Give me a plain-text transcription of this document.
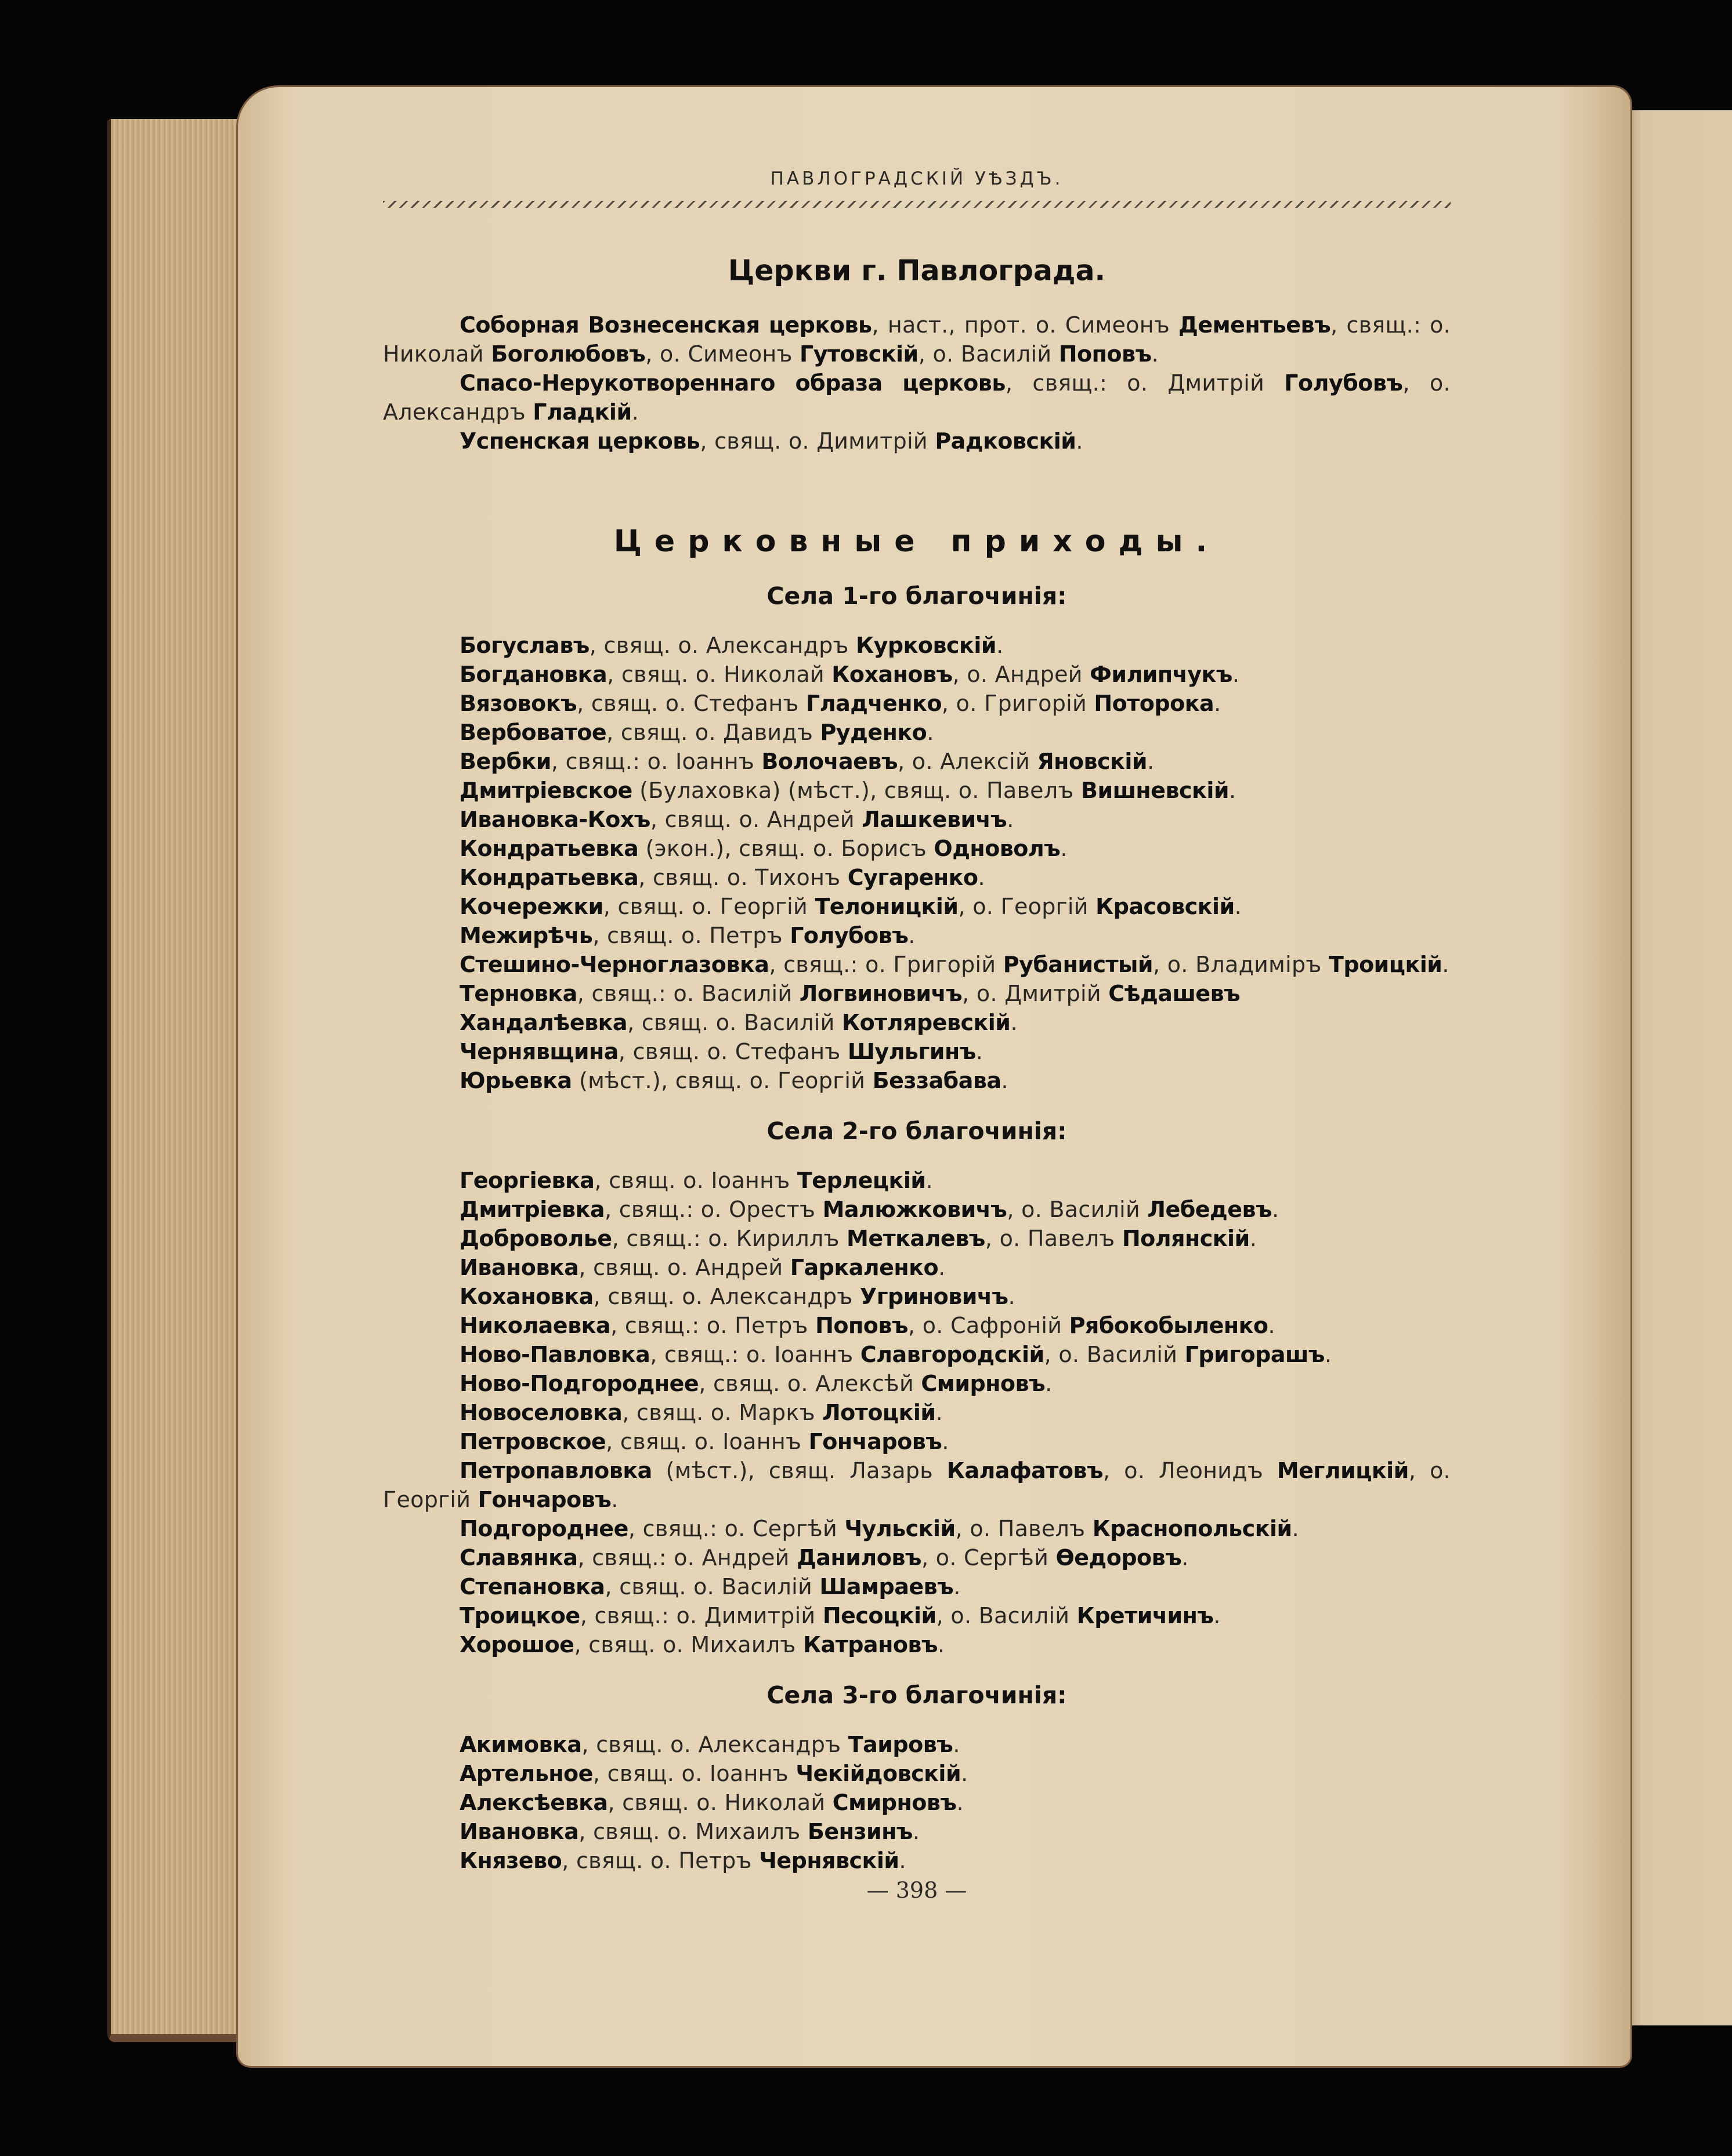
ПАВЛОГРАДСКІЙ УѢЗДЪ.

Церкви г. Павлограда.

Соборная Вознесенская церковь, наст., прот. о. Симеонъ Дементьевъ, свящ.: о. Николай Боголюбовъ, о. Симеонъ Гутовскій, о. Василій Поповъ.

Спасо-Нерукотвореннаго образа церковь, свящ.: о. Дмитрій Голубовъ, о. Александръ Гладкій.

Успенская церковь, свящ. о. Димитрій Радковскій.

Церковные приходы.
Села 1-го благочинія:

Богуславъ, свящ. о. Александръ Курковскій.

Богдановка, свящ. о. Николай Кохановъ, о. Андрей Филипчукъ.

Вязовокъ, свящ. о. Стефанъ Гладченко, о. Григорій Поторока.

Вербоватое, свящ. о. Давидъ Руденко.

Вербки, свящ.: о. Іоаннъ Волочаевъ, о. Алексій Яновскій.

Дмитріевское (Булаховка) (мѣст.), свящ. о. Павелъ Вишневскій.

Ивановка-Кохъ, свящ. о. Андрей Лашкевичъ.

Кондратьевка (экон.), свящ. о. Борисъ Одноволъ.

Кондратьевка, свящ. о. Тихонъ Сугаренко.

Кочережки, свящ. о. Георгій Телоницкій, о. Георгій Красовскій.

Межирѣчь, свящ. о. Петръ Голубовъ.

Стешино-Черноглазовка, свящ.: о. Григорій Рубанистый, о. Владиміръ Троицкій.

Терновка, свящ.: о. Василій Логвиновичъ, о. Дмитрій Сѣдашевъ

Хандалѣевка, свящ. о. Василій Котляревскій.

Чернявщина, свящ. о. Стефанъ Шульгинъ.

Юрьевка (мѣст.), свящ. о. Георгій Беззабава.

Села 2-го благочинія:

Георгіевка, свящ. о. Іоаннъ Терлецкій.

Дмитріевка, свящ.: о. Орестъ Малюжковичъ, о. Василій Лебедевъ.

Доброволье, свящ.: о. Кириллъ Меткалевъ, о. Павелъ Полянскій.

Ивановка, свящ. о. Андрей Гаркаленко.

Кохановка, свящ. о. Александръ Угриновичъ.

Николаевка, свящ.: о. Петръ Поповъ, о. Сафроній Рябокобыленко.

Ново-Павловка, свящ.: о. Іоаннъ Славгородскій, о. Василій Григорашъ.

Ново-Подгороднее, свящ. о. Алексѣй Смирновъ.

Новоселовка, свящ. о. Маркъ Лотоцкій.

Петровское, свящ. о. Іоаннъ Гончаровъ.

Петропавловка (мѣст.), свящ. Лазарь Калафатовъ, о. Леонидъ Меглицкій, о. Георгій Гончаровъ.

Подгороднее, свящ.: о. Сергѣй Чульскій, о. Павелъ Краснопольскій.

Славянка, свящ.: о. Андрей Даниловъ, о. Сергѣй Ѳедоровъ.

Степановка, свящ. о. Василій Шамраевъ.

Троицкое, свящ.: о. Димитрій Песоцкій, о. Василій Кретичинъ.

Хорошое, свящ. о. Михаилъ Катрановъ.

Села 3-го благочинія:

Акимовка, свящ. о. Александръ Таировъ.

Артельное, свящ. о. Іоаннъ Чекійдовскій.

Алексѣевка, свящ. о. Николай Смирновъ.

Ивановка, свящ. о. Михаилъ Бензинъ.

Князево, свящ. о. Петръ Чернявскій.

— 398 —
